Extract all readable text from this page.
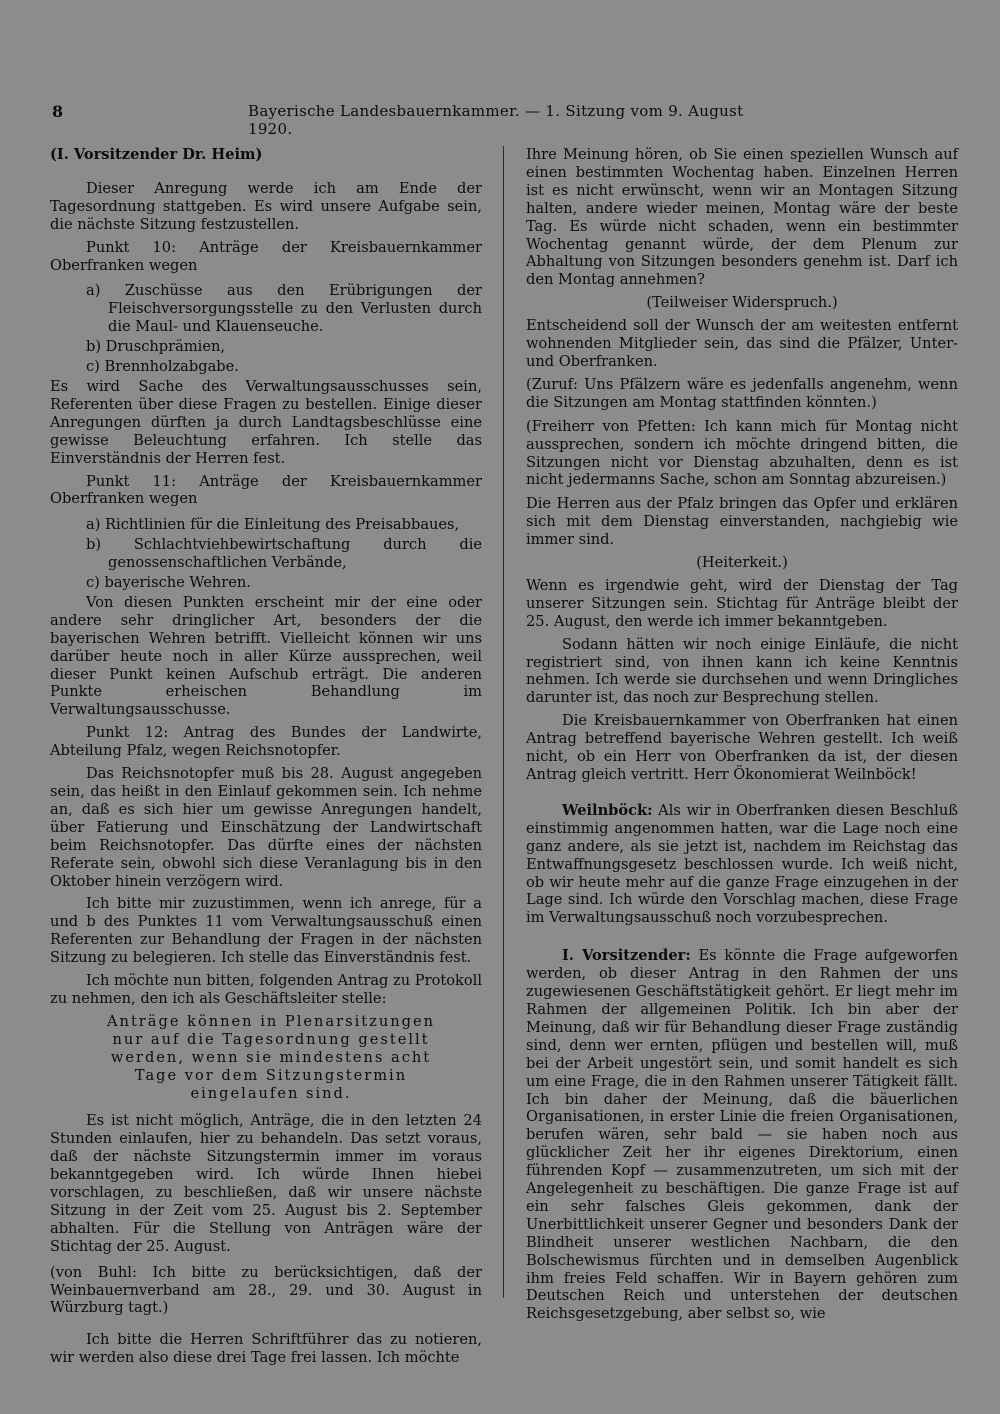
8	Bayerische Landesbauernkammer. — 1. Sitzung vom 9. August 1920.

(I. Vorsitzender Dr. Heim)

Dieser Anregung werde ich am Ende der Tagesordnung stattgeben. Es wird unsere Aufgabe sein, die nächste Sitzung festzustellen.

Punkt 10: Anträge der Kreisbauernkammer Oberfranken wegen

a) Zuschüsse aus den Erübrigungen der Fleischversorgungsstelle zu den Verlusten durch die Maul- und Klauenseuche.

b) Druschprämien,

c) Brennholzabgabe.

Es wird Sache des Verwaltungsausschusses sein, Referenten über diese Fragen zu bestellen. Einige dieser Anregungen dürften ja durch Landtagsbeschlüsse eine gewisse Beleuchtung erfahren. Ich stelle das Einverständnis der Herren fest.

Punkt 11: Anträge der Kreisbauernkammer Oberfranken wegen

a) Richtlinien für die Einleitung des Preisabbaues,

b) Schlachtviehbewirtschaftung durch die genossenschaftlichen Verbände,

c) bayerische Wehren.

Von diesen Punkten erscheint mir der eine oder andere sehr dringlicher Art, besonders der die bayerischen Wehren betrifft. Vielleicht können wir uns darüber heute noch in aller Kürze aussprechen, weil dieser Punkt keinen Aufschub erträgt. Die anderen Punkte erheischen Behandlung im Verwaltungsausschusse.

Punkt 12: Antrag des Bundes der Landwirte, Abteilung Pfalz, wegen Reichsnotopfer.

Das Reichsnotopfer muß bis 28. August angegeben sein, das heißt in den Einlauf gekommen sein. Ich nehme an, daß es sich hier um gewisse Anregungen handelt, über Fatierung und Einschätzung der Landwirtschaft beim Reichsnotopfer. Das dürfte eines der nächsten Referate sein, obwohl sich diese Veranlagung bis in den Oktober hinein verzögern wird.

Ich bitte mir zuzustimmen, wenn ich anrege, für a und b des Punktes 11 vom Verwaltungsausschuß einen Referenten zur Behandlung der Fragen in der nächsten Sitzung zu belegieren. Ich stelle das Einverständnis fest.

Ich möchte nun bitten, folgenden Antrag zu Protokoll zu nehmen, den ich als Geschäftsleiter stelle:

Anträge können in Plenarsitzungen nur auf die Tagesordnung gestellt werden, wenn sie mindestens acht Tage vor dem Sitzungstermin eingelaufen sind.

Es ist nicht möglich, Anträge, die in den letzten 24 Stunden einlaufen, hier zu behandeln. Das setzt voraus, daß der nächste Sitzungstermin immer im voraus bekanntgegeben wird. Ich würde Ihnen hiebei vorschlagen, zu beschließen, daß wir unsere nächste Sitzung in der Zeit vom 25. August bis 2. September abhalten. Für die Stellung von Anträgen wäre der Stichtag der 25. August.

(von Buhl: Ich bitte zu berücksichtigen, daß der Weinbauernverband am 28., 29. und 30. August in Würzburg tagt.)

Ich bitte die Herren Schriftführer das zu notieren, wir werden also diese drei Tage frei lassen. Ich möchte

Ihre Meinung hören, ob Sie einen speziellen Wunsch auf einen bestimmten Wochentag haben. Einzelnen Herren ist es nicht erwünscht, wenn wir an Montagen Sitzung halten, andere wieder meinen, Montag wäre der beste Tag. Es würde nicht schaden, wenn ein bestimmter Wochentag genannt würde, der dem Plenum zur Abhaltung von Sitzungen besonders genehm ist. Darf ich den Montag annehmen?

(Teilweiser Widerspruch.)

Entscheidend soll der Wunsch der am weitesten entfernt wohnenden Mitglieder sein, das sind die Pfälzer, Unter- und Oberfranken.

(Zuruf: Uns Pfälzern wäre es jedenfalls angenehm, wenn die Sitzungen am Montag stattfinden könnten.)

(Freiherr von Pfetten: Ich kann mich für Montag nicht aussprechen, sondern ich möchte dringend bitten, die Sitzungen nicht vor Dienstag abzuhalten, denn es ist nicht jedermanns Sache, schon am Sonntag abzureisen.)

Die Herren aus der Pfalz bringen das Opfer und erklären sich mit dem Dienstag einverstanden, nachgiebig wie immer sind.

(Heiterkeit.)

Wenn es irgendwie geht, wird der Dienstag der Tag unserer Sitzungen sein. Stichtag für Anträge bleibt der 25. August, den werde ich immer bekanntgeben.

Sodann hätten wir noch einige Einläufe, die nicht registriert sind, von ihnen kann ich keine Kenntnis nehmen. Ich werde sie durchsehen und wenn Dringliches darunter ist, das noch zur Besprechung stellen.

Die Kreisbauernkammer von Oberfranken hat einen Antrag betreffend bayerische Wehren gestellt. Ich weiß nicht, ob ein Herr von Oberfranken da ist, der diesen Antrag gleich vertritt. Herr Ökonomierat Weilnböck!

Weilnböck: Als wir in Oberfranken diesen Beschluß einstimmig angenommen hatten, war die Lage noch eine ganz andere, als sie jetzt ist, nachdem im Reichstag das Entwaffnungsgesetz beschlossen wurde. Ich weiß nicht, ob wir heute mehr auf die ganze Frage einzugehen in der Lage sind. Ich würde den Vorschlag machen, diese Frage im Verwaltungsausschuß noch vorzubesprechen.

I. Vorsitzender: Es könnte die Frage aufgeworfen werden, ob dieser Antrag in den Rahmen der uns zugewiesenen Geschäftstätigkeit gehört. Er liegt mehr im Rahmen der allgemeinen Politik. Ich bin aber der Meinung, daß wir für Behandlung dieser Frage zuständig sind, denn wer ernten, pflügen und bestellen will, muß bei der Arbeit ungestört sein, und somit handelt es sich um eine Frage, die in den Rahmen unserer Tätigkeit fällt. Ich bin daher der Meinung, daß die bäuerlichen Organisationen, in erster Linie die freien Organisationen, berufen wären, sehr bald — sie haben noch aus glücklicher Zeit her ihr eigenes Direktorium, einen führenden Kopf — zusammenzutreten, um sich mit der Angelegenheit zu beschäftigen. Die ganze Frage ist auf ein sehr falsches Gleis gekommen, dank der Unerbittlichkeit unserer Gegner und besonders Dank der Blindheit unserer westlichen Nachbarn, die den Bolschewismus fürchten und in demselben Augenblick ihm freies Feld schaffen. Wir in Bayern gehören zum Deutschen Reich und unterstehen der deutschen Reichsgesetzgebung, aber selbst so, wie
